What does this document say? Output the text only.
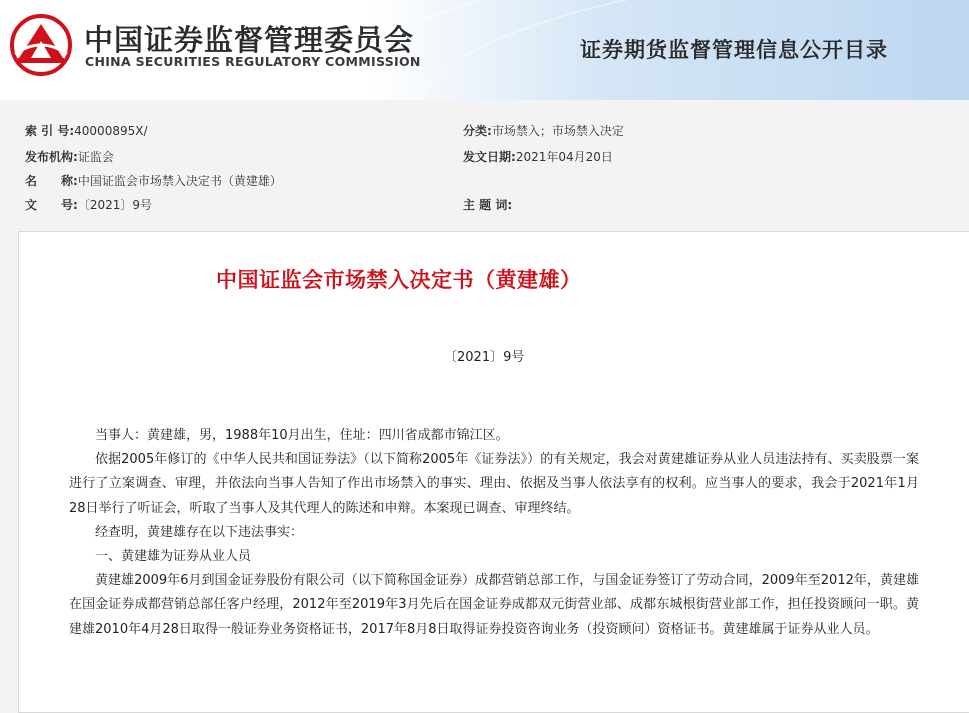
中国证券监督管理委员会
CHINA SECURITIES REGULATORY COMMISSION	证券期货监督管理信息公开目录
索 引 号:40000895X/	分类:市场禁入；市场禁入决定
发布机构:证监会	发文日期:2021年04月20日
名　　称:中国证监会市场禁入决定书（黄建雄）
文　　号:〔2021〕9号	主 题 词:
中国证监会市场禁入决定书（黄建雄）
〔2021〕9号

当事人：黄建雄，男，1988年10月出生，住址：四川省成都市锦江区。

依据2005年修订的《中华人民共和国证券法》（以下简称2005年《证券法》）的有关规定，我会对黄建雄证券从业人员违法持有、买卖股票一案进行了立案调查、审理，并依法向当事人告知了作出市场禁入的事实、理由、依据及当事人依法享有的权利。应当事人的要求，我会于2021年1月28日举行了听证会，听取了当事人及其代理人的陈述和申辩。本案现已调查、审理终结。

经查明，黄建雄存在以下违法事实：

一、黄建雄为证券从业人员

黄建雄2009年6月到国金证券股份有限公司（以下简称国金证券）成都营销总部工作，与国金证券签订了劳动合同，2009年至2012年，黄建雄在国金证券成都营销总部任客户经理，2012年至2019年3月先后在国金证券成都双元街营业部、成都东城根街营业部工作，担任投资顾问一职。黄建雄2010年4月28日取得一般证券业务资格证书，2017年8月8日取得证券投资咨询业务（投资顾问）资格证书。黄建雄属于证券从业人员。
